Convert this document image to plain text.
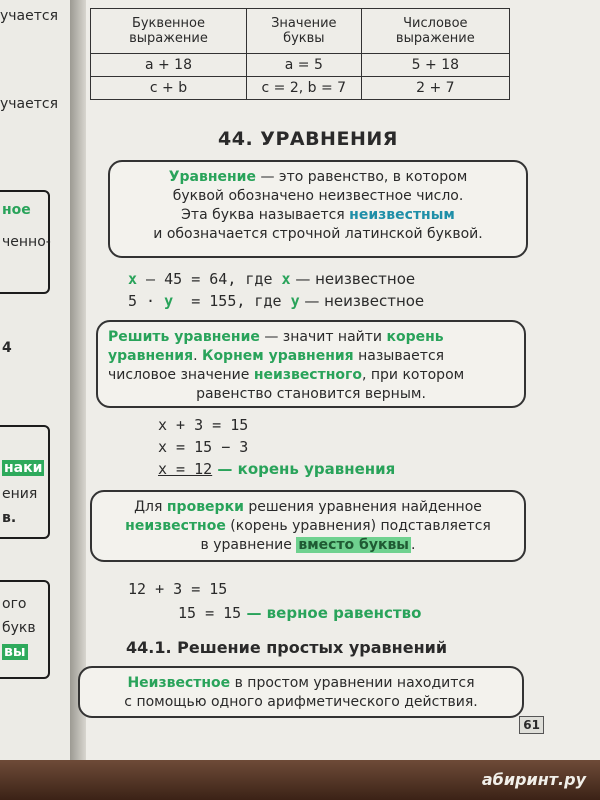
учается
учается
ное
ченно-
4
наки
ения
в.
ого
букв
вы
Буквенное выражение	Значение буквы	Числовое выражение
a + 18	a = 5	5 + 18
c + b	c = 2, b = 7	2 + 7
44. УРАВНЕНИЯ
Уравнение — это равенство, в котором
буквой обозначено неизвестное число.
Эта буква называется неизвестным
и обозначается строчной латинской буквой.
x — 45 = 64, где x — неизвестное
5 · y  = 155, где y — неизвестное
Решить уравнение — значит найти корень уравнения. Корнем уравнения называется
числовое значение неизвестного, при котором
равенство становится верным.
x + 3 = 15
x = 15 − 3
x = 12 — корень уравнения
Для проверки решения уравнения найденное
неизвестное (корень уравнения) подставляется
в уравнение вместо буквы .
12 + 3 = 15
15 = 15 — верное равенство
44.1. Решение простых уравнений
Неизвестное в простом уравнении находится
с помощью одного арифметического действия.
61
абиринт.ру
